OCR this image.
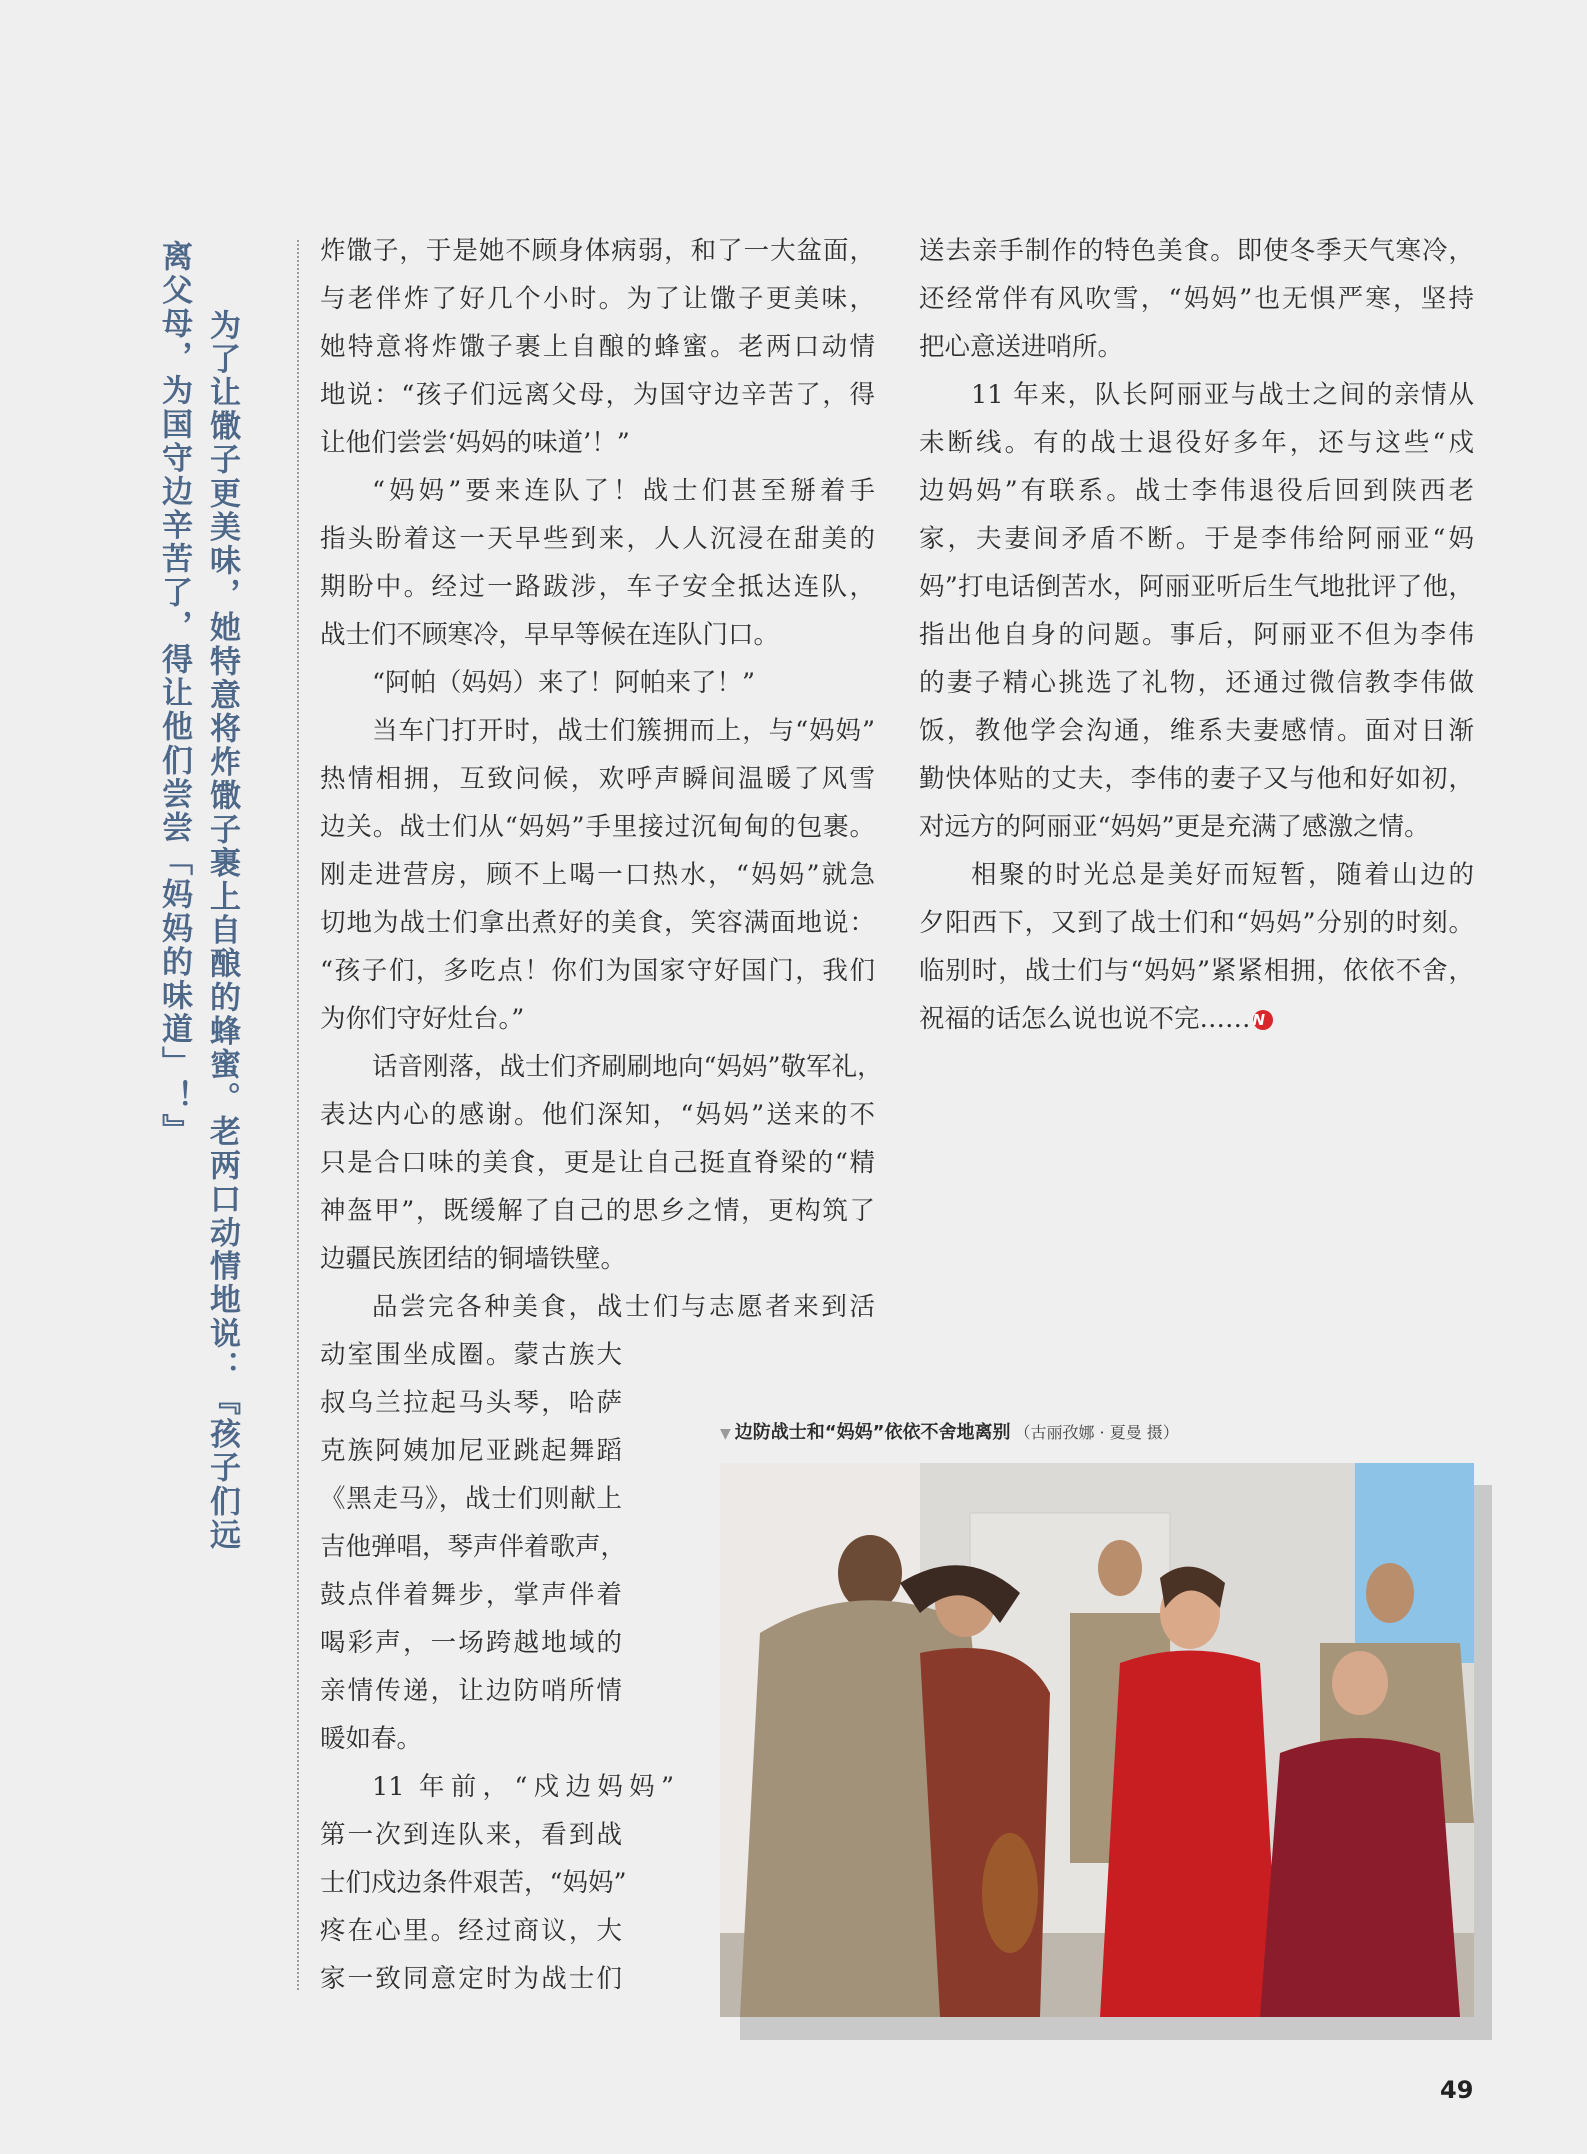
为了让馓子更美味，她特意将炸馓子裹上自酿的蜂蜜。老两口动情地说：『孩子们远
离父母，为国守边辛苦了，得让他们尝尝「妈妈的味道」！』	炸馓子，于是她不顾身体病弱，和了一大盆面，
与老伴炸了好几个小时。为了让馓子更美味，
她特意将炸馓子裹上自酿的蜂蜜。老两口动情
地说：“孩子们远离父母，为国守边辛苦了，得
让他们尝尝‘妈妈的味道’！”
“妈妈”要来连队了！战士们甚至掰着手
指头盼着这一天早些到来，人人沉浸在甜美的
期盼中。经过一路跋涉，车子安全抵达连队，
战士们不顾寒冷，早早等候在连队门口。
“阿帕（妈妈）来了！阿帕来了！”
当车门打开时，战士们簇拥而上，与“妈妈”
热情相拥，互致问候，欢呼声瞬间温暖了风雪
边关。战士们从“妈妈”手里接过沉甸甸的包裹。
刚走进营房，顾不上喝一口热水，“妈妈”就急
切地为战士们拿出煮好的美食，笑容满面地说：
“孩子们，多吃点！你们为国家守好国门，我们
为你们守好灶台。”
话音刚落，战士们齐刷刷地向“妈妈”敬军礼，
表达内心的感谢。他们深知，“妈妈”送来的不
只是合口味的美食，更是让自己挺直脊梁的“精
神盔甲”，既缓解了自己的思乡之情，更构筑了
边疆民族团结的铜墙铁壁。
品尝完各种美食，战士们与志愿者来到活
动室围坐成圈。蒙古族大
叔乌兰拉起马头琴，哈萨
克族阿姨加尼亚跳起舞蹈
《黑走马》，战士们则献上
吉他弹唱，琴声伴着歌声，
鼓点伴着舞步，掌声伴着
喝彩声，一场跨越地域的
亲情传递，让边防哨所情
暖如春。
11 年前，“戍边妈妈”
第一次到连队来，看到战
士们戍边条件艰苦，“妈妈”
疼在心里。经过商议，大
家一致同意定时为战士们
送去亲手制作的特色美食。即使冬季天气寒冷，
还经常伴有风吹雪，“妈妈”也无惧严寒，坚持
把心意送进哨所。
11 年来，队长阿丽亚与战士之间的亲情从
未断线。有的战士退役好多年，还与这些“戍
边妈妈”有联系。战士李伟退役后回到陕西老
家，夫妻间矛盾不断。于是李伟给阿丽亚“妈
妈”打电话倒苦水，阿丽亚听后生气地批评了他，
指出他自身的问题。事后，阿丽亚不但为李伟
的妻子精心挑选了礼物，还通过微信教李伟做
饭，教他学会沟通，维系夫妻感情。面对日渐
勤快体贴的丈夫，李伟的妻子又与他和好如初，
对远方的阿丽亚“妈妈”更是充满了感激之情。
相聚的时光总是美好而短暂，随着山边的
夕阳西下，又到了战士们和“妈妈”分别的时刻。
临别时，战士们与“妈妈”紧紧相拥，依依不舍，
祝福的话怎么说也说不完…… N
▼ 边防战士和“妈妈”依依不舍地离别 （古丽孜娜 · 夏曼 摄）
49
